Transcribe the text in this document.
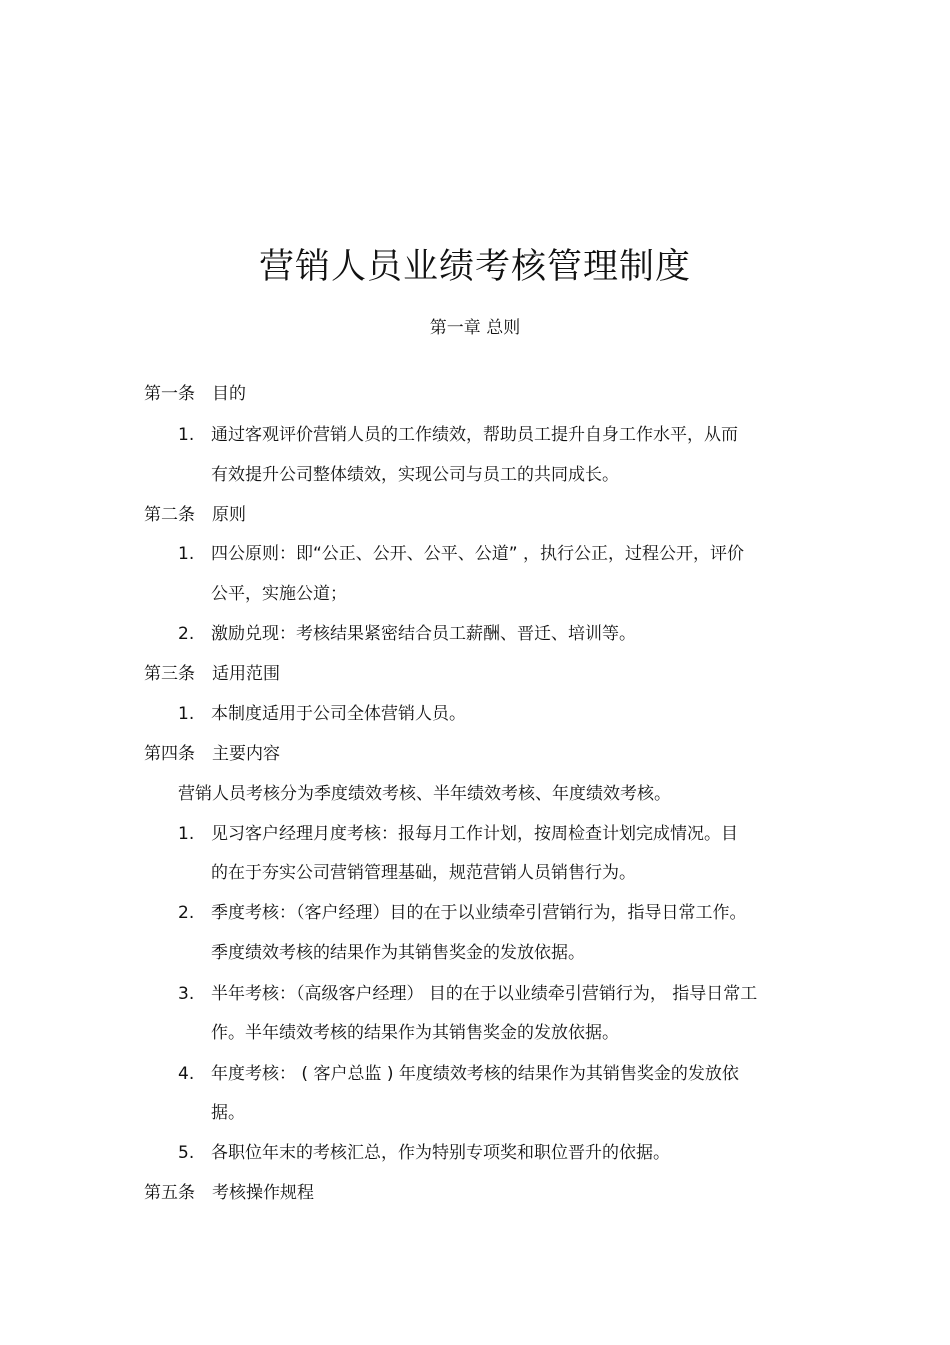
营销人员业绩考核管理制度
第一章 总则
第一条 目的
1. 通过客观评价营销人员的工作绩效，帮助员工提升自身工作水平，从而
有效提升公司整体绩效，实现公司与员工的共同成长。
第二条 原则
1. 四公原则：即“公正、公开、公平、公道” ，执行公正，过程公开，评价
公平，实施公道；
2. 激励兑现：考核结果紧密结合员工薪酬、晋迁、培训等。
第三条 适用范围
1. 本制度适用于公司全体营销人员。
第四条 主要内容
营销人员考核分为季度绩效考核、半年绩效考核、年度绩效考核。
1. 见习客户经理月度考核：报每月工作计划，按周检查计划完成情况。目
的在于夯实公司营销管理基础，规范营销人员销售行为。
2. 季度考核：（客户经理）目的在于以业绩牵引营销行为，指导日常工作。
季度绩效考核的结果作为其销售奖金的发放依据。
3. 半年考核：（高级客户经理） 目的在于以业绩牵引营销行为， 指导日常工
作。半年绩效考核的结果作为其销售奖金的发放依据。
4. 年度考核： ( 客户总监 ) 年度绩效考核的结果作为其销售奖金的发放依
据。
5. 各职位年末的考核汇总，作为特别专项奖和职位晋升的依据。
第五条 考核操作规程
